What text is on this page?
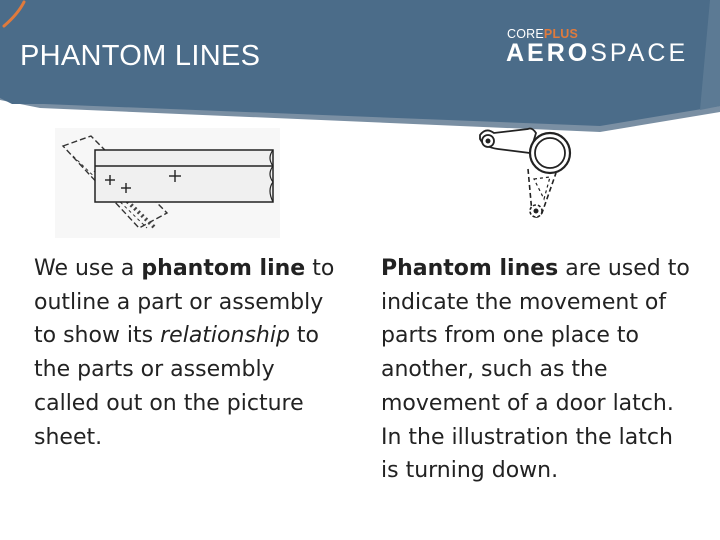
PHANTOM LINES
COREPLUS
AEROSPACE

We use a phantom line to outline a part or assembly to show its relationship to the parts or assembly called out on the picture sheet.

Phantom lines are used to indicate the movement of parts from one place to another, such as the movement of a door latch. In the illustration the latch is turning down.
